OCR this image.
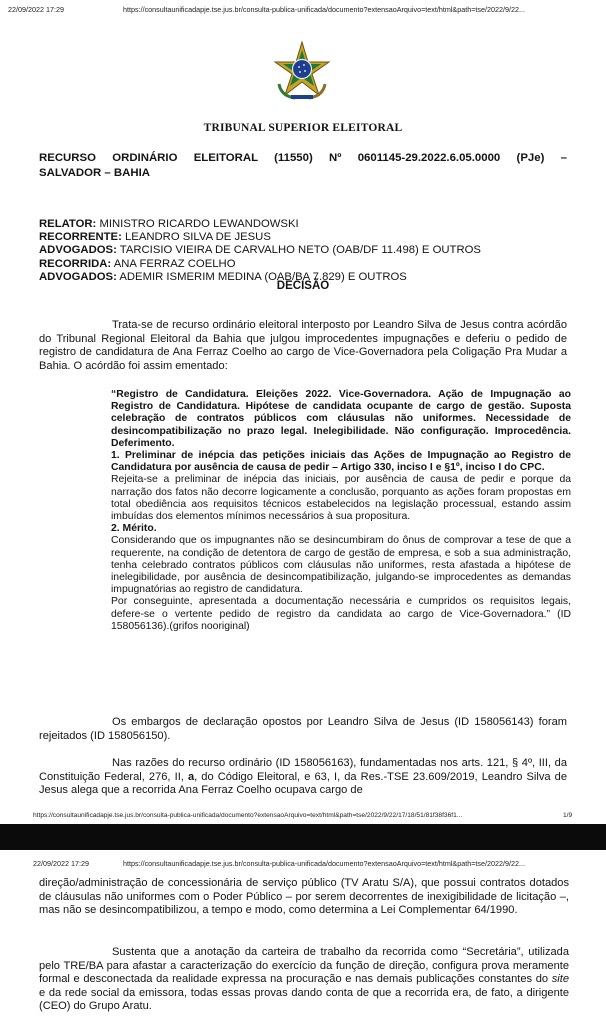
22/09/2022 17:29	https://consultaunificadapje.tse.jus.br/consulta-publica-unificada/documento?extensaoArquivo=text/html&path=tse/2022/9/22...
TRIBUNAL SUPERIOR ELEITORAL
RECURSO ORDINÁRIO ELEITORAL (11550) Nº 0601145-29.2022.6.05.0000 (PJe) –
SALVADOR – BAHIA
RELATOR: MINISTRO RICARDO LEWANDOWSKI
RECORRENTE: LEANDRO SILVA DE JESUS
ADVOGADOS: TARCISIO VIEIRA DE CARVALHO NETO (OAB/DF 11.498) E OUTROS
RECORRIDA: ANA FERRAZ COELHO
ADVOGADOS: ADEMIR ISMERIM MEDINA (OAB/BA 7.829) E OUTROS
DECISÃO
Trata-se de recurso ordinário eleitoral interposto por Leandro Silva de Jesus contra acórdão do Tribunal Regional Eleitoral da Bahia que julgou improcedentes impugnações e deferiu o pedido de registro de candidatura de Ana Ferraz Coelho ao cargo de Vice-Governadora pela Coligação Pra Mudar a Bahia. O acórdão foi assim ementado:
“Registro de Candidatura. Eleições 2022. Vice-Governadora. Ação de Impugnação ao Registro de Candidatura. Hipótese de candidata ocupante de cargo de gestão. Suposta celebração de contratos públicos com cláusulas não uniformes. Necessidade de desincompatibilização no prazo legal. Inelegibilidade. Não configuração. Improcedência. Deferimento.
1. Preliminar de inépcia das petições iniciais das Ações de Impugnação ao Registro de Candidatura por ausência de causa de pedir – Artigo 330, inciso I e §1º, inciso I do CPC.
Rejeita-se a preliminar de inépcia das iniciais, por ausência de causa de pedir e porque da narração dos fatos não decorre logicamente a conclusão, porquanto as ações foram propostas em total obediência aos requisitos técnicos estabelecidos na legislação processual, estando assim imbuídas dos elementos mínimos necessários à sua propositura.
2. Mérito.
Considerando que os impugnantes não se desincumbiram do ônus de comprovar a tese de que a requerente, na condição de detentora de cargo de gestão de empresa, e sob a sua administração, tenha celebrado contratos públicos com cláusulas não uniformes, resta afastada a hipótese de inelegibilidade, por ausência de desincompatibilização, julgando-se improcedentes as demandas impugnatórias ao registro de candidatura.
Por conseguinte, apresentada a documentação necessária e cumpridos os requisitos legais, defere-se o vertente pedido de registro da candidata ao cargo de Vice-Governadora.” (ID 158056136).(grifos nooriginal)
Os embargos de declaração opostos por Leandro Silva de Jesus (ID 158056143) foram rejeitados (ID 158056150).
Nas razões do recurso ordinário (ID 158056163), fundamentadas nos arts. 121, § 4º, III, da Constituição Federal, 276, II, a, do Código Eleitoral, e 63, I, da Res.-TSE 23.609/2019, Leandro Silva de Jesus alega que a recorrida Ana Ferraz Coelho ocupava cargo de
https://consultaunificadapje.tse.jus.br/consulta-publica-unificada/documento?extensaoArquivo=text/html&path=tse/2022/9/22/17/18/51/81f38f36f1...	1/9
22/09/2022 17:29	https://consultaunificadapje.tse.jus.br/consulta-publica-unificada/documento?extensaoArquivo=text/html&path=tse/2022/9/22...
direção/administração de concessionária de serviço público (TV Aratu S/A), que possui contratos dotados de cláusulas não uniformes com o Poder Público – por serem decorrentes de inexigibilidade de licitação –, mas não se desincompatibilizou, a tempo e modo, como determina a Lei Complementar 64/1990.
Sustenta que a anotação da carteira de trabalho da recorrida como “Secretária”, utilizada pelo TRE/BA para afastar a caracterização do exercício da função de direção, configura prova meramente formal e desconectada da realidade expressa na procuração e nas demais publicações constantes do site e da rede social da emissora, todas essas provas dando conta de que a recorrida era, de fato, a dirigente (CEO) do Grupo Aratu.
